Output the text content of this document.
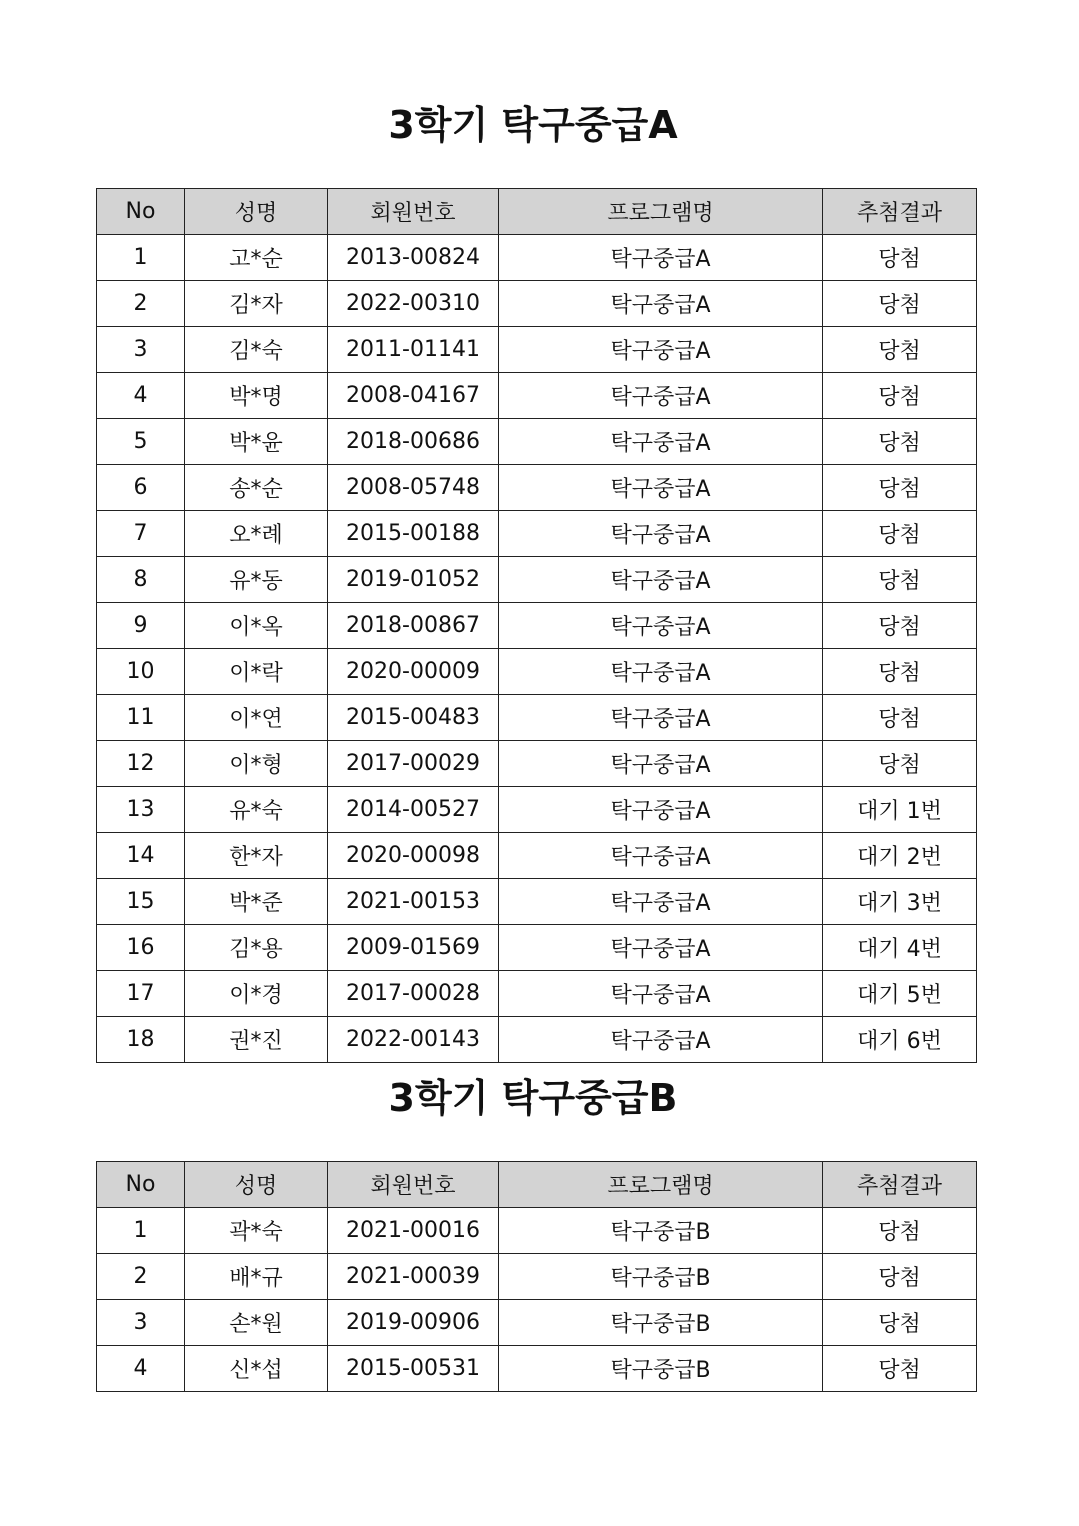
3학기 탁구중급A
No	성명	회원번호	프로그램명	추첨결과
1	고*순	2013-00824	탁구중급A	당첨
2	김*자	2022-00310	탁구중급A	당첨
3	김*숙	2011-01141	탁구중급A	당첨
4	박*명	2008-04167	탁구중급A	당첨
5	박*윤	2018-00686	탁구중급A	당첨
6	송*순	2008-05748	탁구중급A	당첨
7	오*례	2015-00188	탁구중급A	당첨
8	유*동	2019-01052	탁구중급A	당첨
9	이*옥	2018-00867	탁구중급A	당첨
10	이*락	2020-00009	탁구중급A	당첨
11	이*연	2015-00483	탁구중급A	당첨
12	이*형	2017-00029	탁구중급A	당첨
13	유*숙	2014-00527	탁구중급A	대기 1번
14	한*자	2020-00098	탁구중급A	대기 2번
15	박*준	2021-00153	탁구중급A	대기 3번
16	김*용	2009-01569	탁구중급A	대기 4번
17	이*경	2017-00028	탁구중급A	대기 5번
18	권*진	2022-00143	탁구중급A	대기 6번
3학기 탁구중급B
No	성명	회원번호	프로그램명	추첨결과
1	곽*숙	2021-00016	탁구중급B	당첨
2	배*규	2021-00039	탁구중급B	당첨
3	손*원	2019-00906	탁구중급B	당첨
4	신*섭	2015-00531	탁구중급B	당첨
